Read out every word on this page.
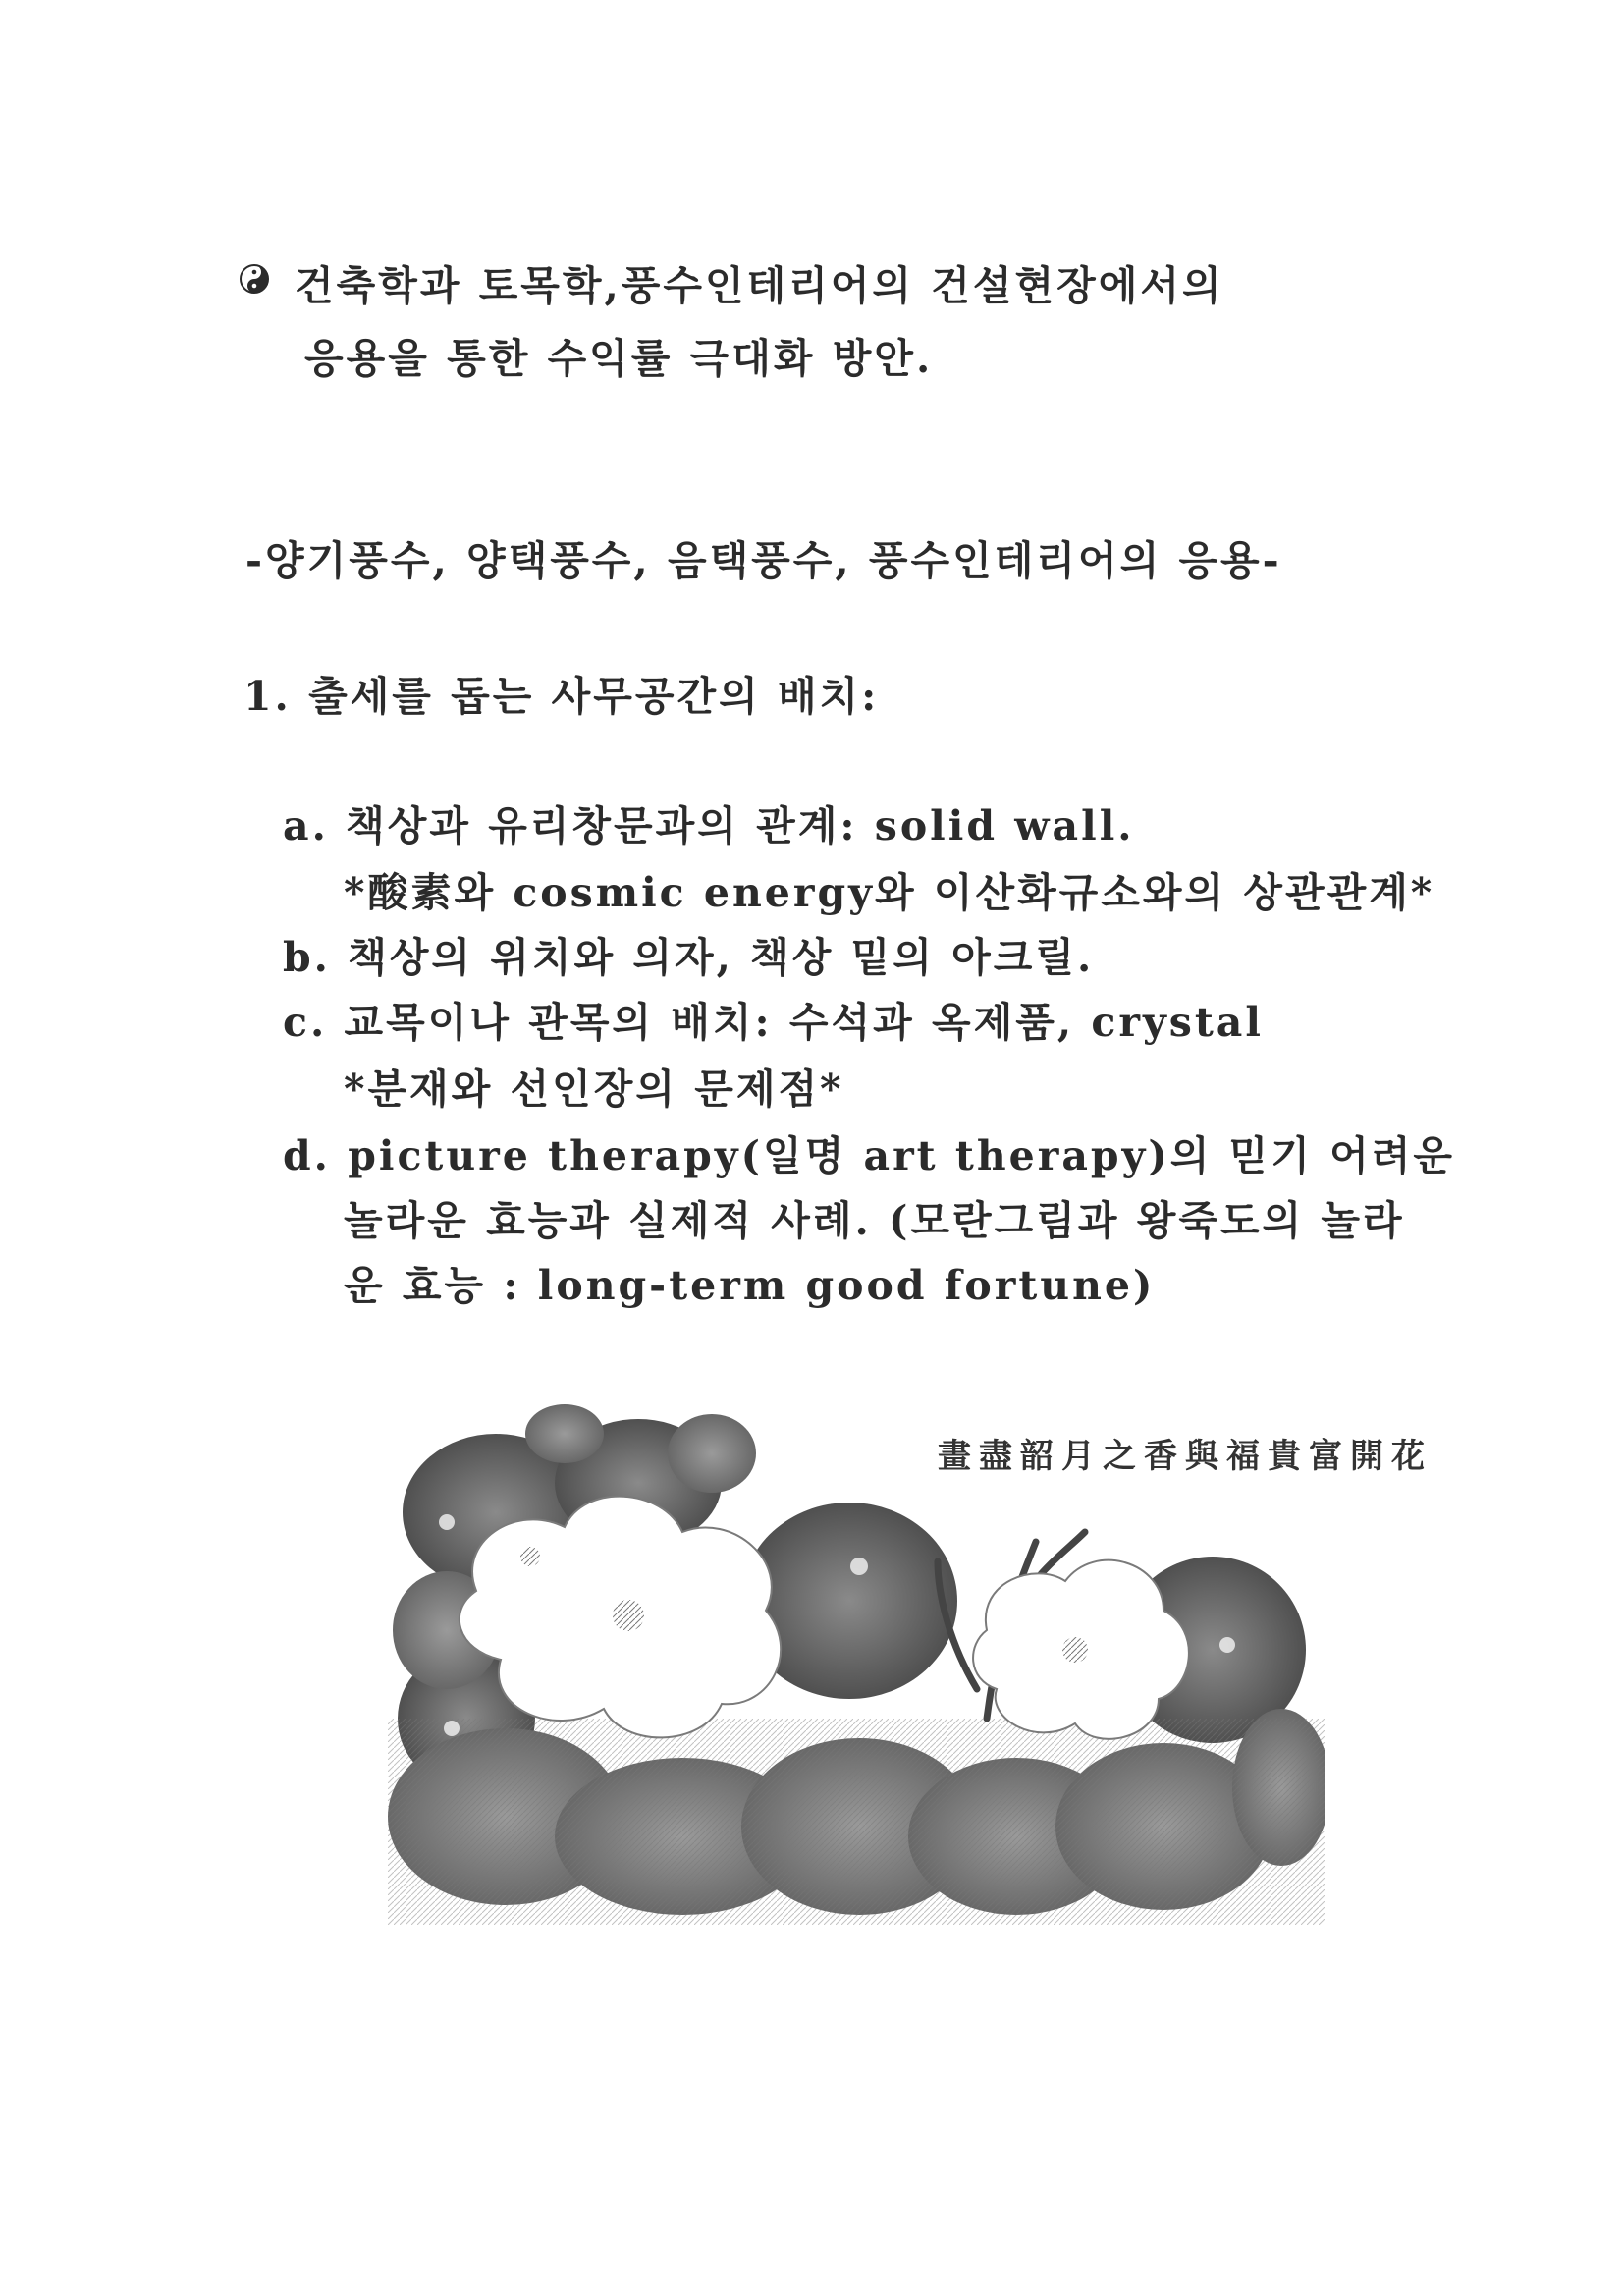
건축학과 토목학,풍수인테리어의 건설현장에서의
응용을 통한 수익률 극대화 방안.
-양기풍수, 양택풍수, 음택풍수, 풍수인테리어의 응용-
1. 출세를 돕는 사무공간의 배치:
a. 책상과 유리창문과의 관계: solid wall.
*酸素와 cosmic energy와 이산화규소와의 상관관계*
b. 책상의 위치와 의자, 책상 밑의 아크릴.
c. 교목이나 관목의 배치: 수석과 옥제품, crystal
*분재와 선인장의 문제점*
d. picture therapy(일명 art therapy)의 믿기 어려운
놀라운 효능과 실제적 사례. (모란그림과 왕죽도의 놀라
운 효능 : long-term good fortune)
畫盡韶月之香與福貴富開花
